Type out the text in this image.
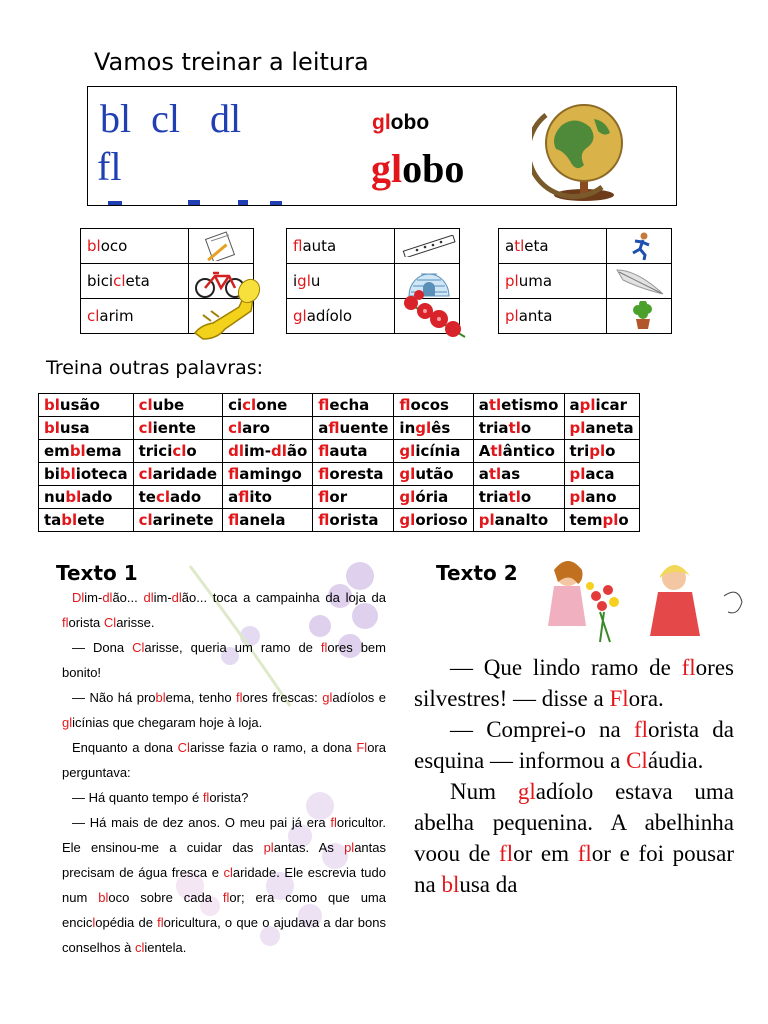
Vamos treinar a leitura
bl  cl   dl
fl
globo
globo
bloco	

bicicleta	

clarim	
flauta	

iglu	

gladíolo	
atleta	

pluma	

planta	
Treina outras palavras:
blusão	clube	ciclone	flecha	flocos	atletismo	aplicar
blusa	cliente	claro	afluente	inglês	triatlo	planeta
emblema	triciclo	dlim-dlão	flauta	glicínia	Atlântico	triplo
biblioteca	claridade	flamingo	floresta	glutão	atlas	placa
nublado	teclado	aflito	flor	glória	triatlo	plano
tablete	clarinete	flanela	florista	glorioso	planalto	templo
Texto 1

Dlim-dlão... dlim-dlão... toca a campainha da loja da florista Clarisse.

— Dona Clarisse, queria um ramo de flores bem bonito!

— Não há problema, tenho flores frescas: gladíolos e glicínias que chegaram hoje à loja.

Enquanto a dona Clarisse fazia o ramo, a dona Flora perguntava:

— Há quanto tempo é florista?

— Há mais de dez anos. O meu pai já era floricultor. Ele ensinou-me a cuidar das plantas. As plantas precisam de água fresca e claridade. Ele escrevia tudo num bloco sobre cada flor; era como que uma enciclopédia de floricultura, o que o ajudava a dar bons conselhos à clientela.

Texto 2

— Que lindo ramo de flores silvestres! — disse a Flora.

— Comprei-o na florista da esquina — informou a Cláudia.

Num gladíolo estava uma abelha pequenina. A abelhinha voou de flor em flor e foi pousar na blusa da
